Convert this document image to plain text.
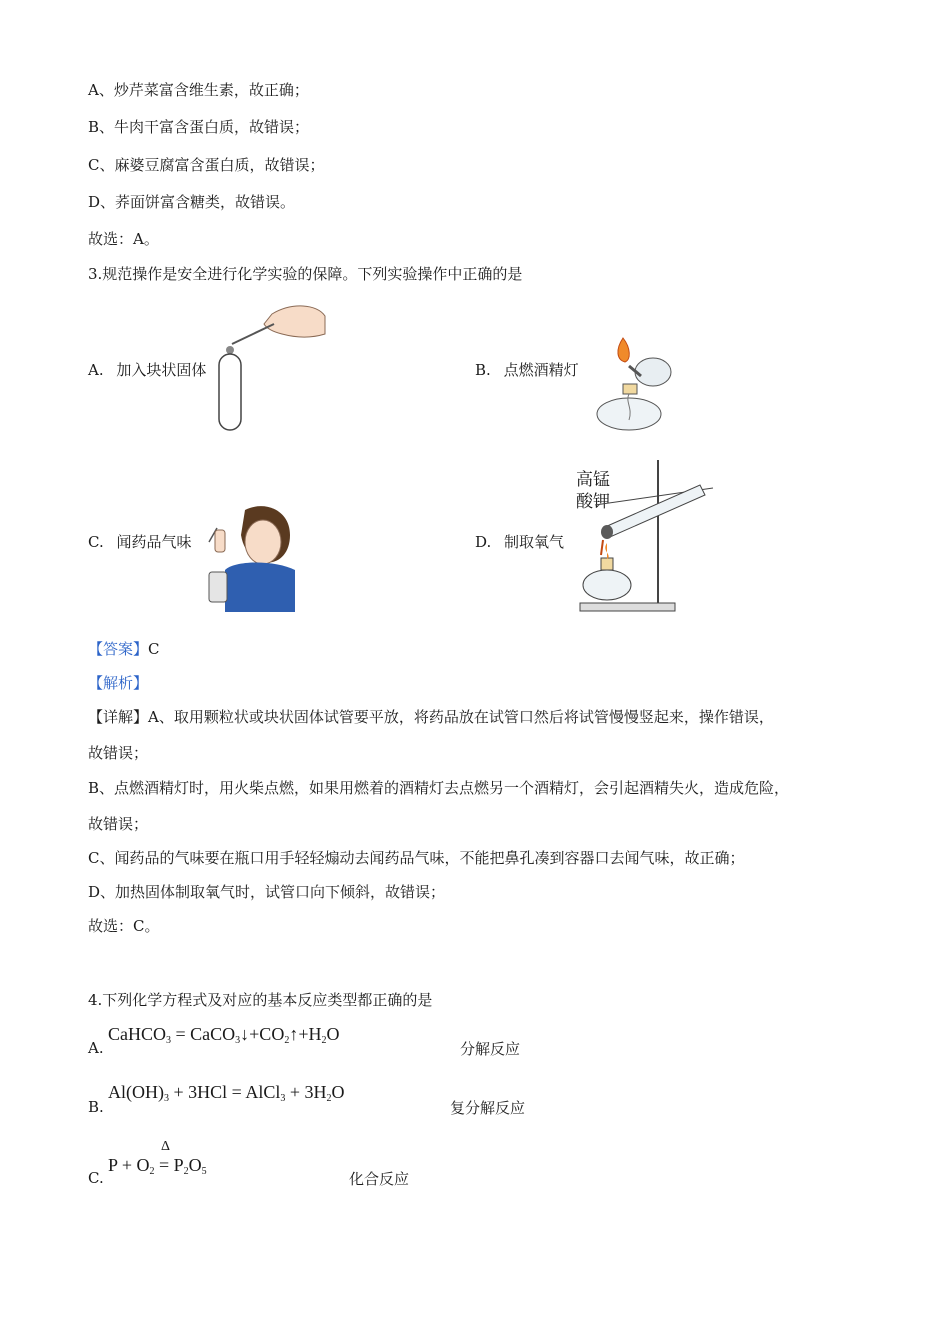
A、炒芹菜富含维生素，故正确；
B、牛肉干富含蛋白质，故错误；
C、麻婆豆腐富含蛋白质，故错误；
D、荞面饼富含糖类，故错误。
故选：A。
3.规范操作是安全进行化学实验的保障。下列实验操作中正确的是
A. 加入块状固体	B. 点燃酒精灯
C. 闻药品气味	D. 制取氧气
高锰
酸钾
【答案】C
【解析】
【详解】A、取用颗粒状或块状固体试管要平放，将药品放在试管口然后将试管慢慢竖起来，操作错误，
故错误；
B、点燃酒精灯时，用火柴点燃，如果用燃着的酒精灯去点燃另一个酒精灯，会引起酒精失火，造成危险，
故错误；
C、闻药品的气味要在瓶口用手轻轻煽动去闻药品气味，不能把鼻孔凑到容器口去闻气味，故正确；
D、加热固体制取氧气时，试管口向下倾斜，故错误；
故选：C。
4.下列化学方程式及对应的基本反应类型都正确的是
A.
CaHCO$_3$ = $CaCO_3↓+CO_2↑+H_2O$
分解反应
B.
$Al(OH)_3 + 3HCl$ = AlCl$_3$ + $3H_2O$
复分解反应
C.
$P + O_2$
Δ
= $P_2O_5$	化合反应
